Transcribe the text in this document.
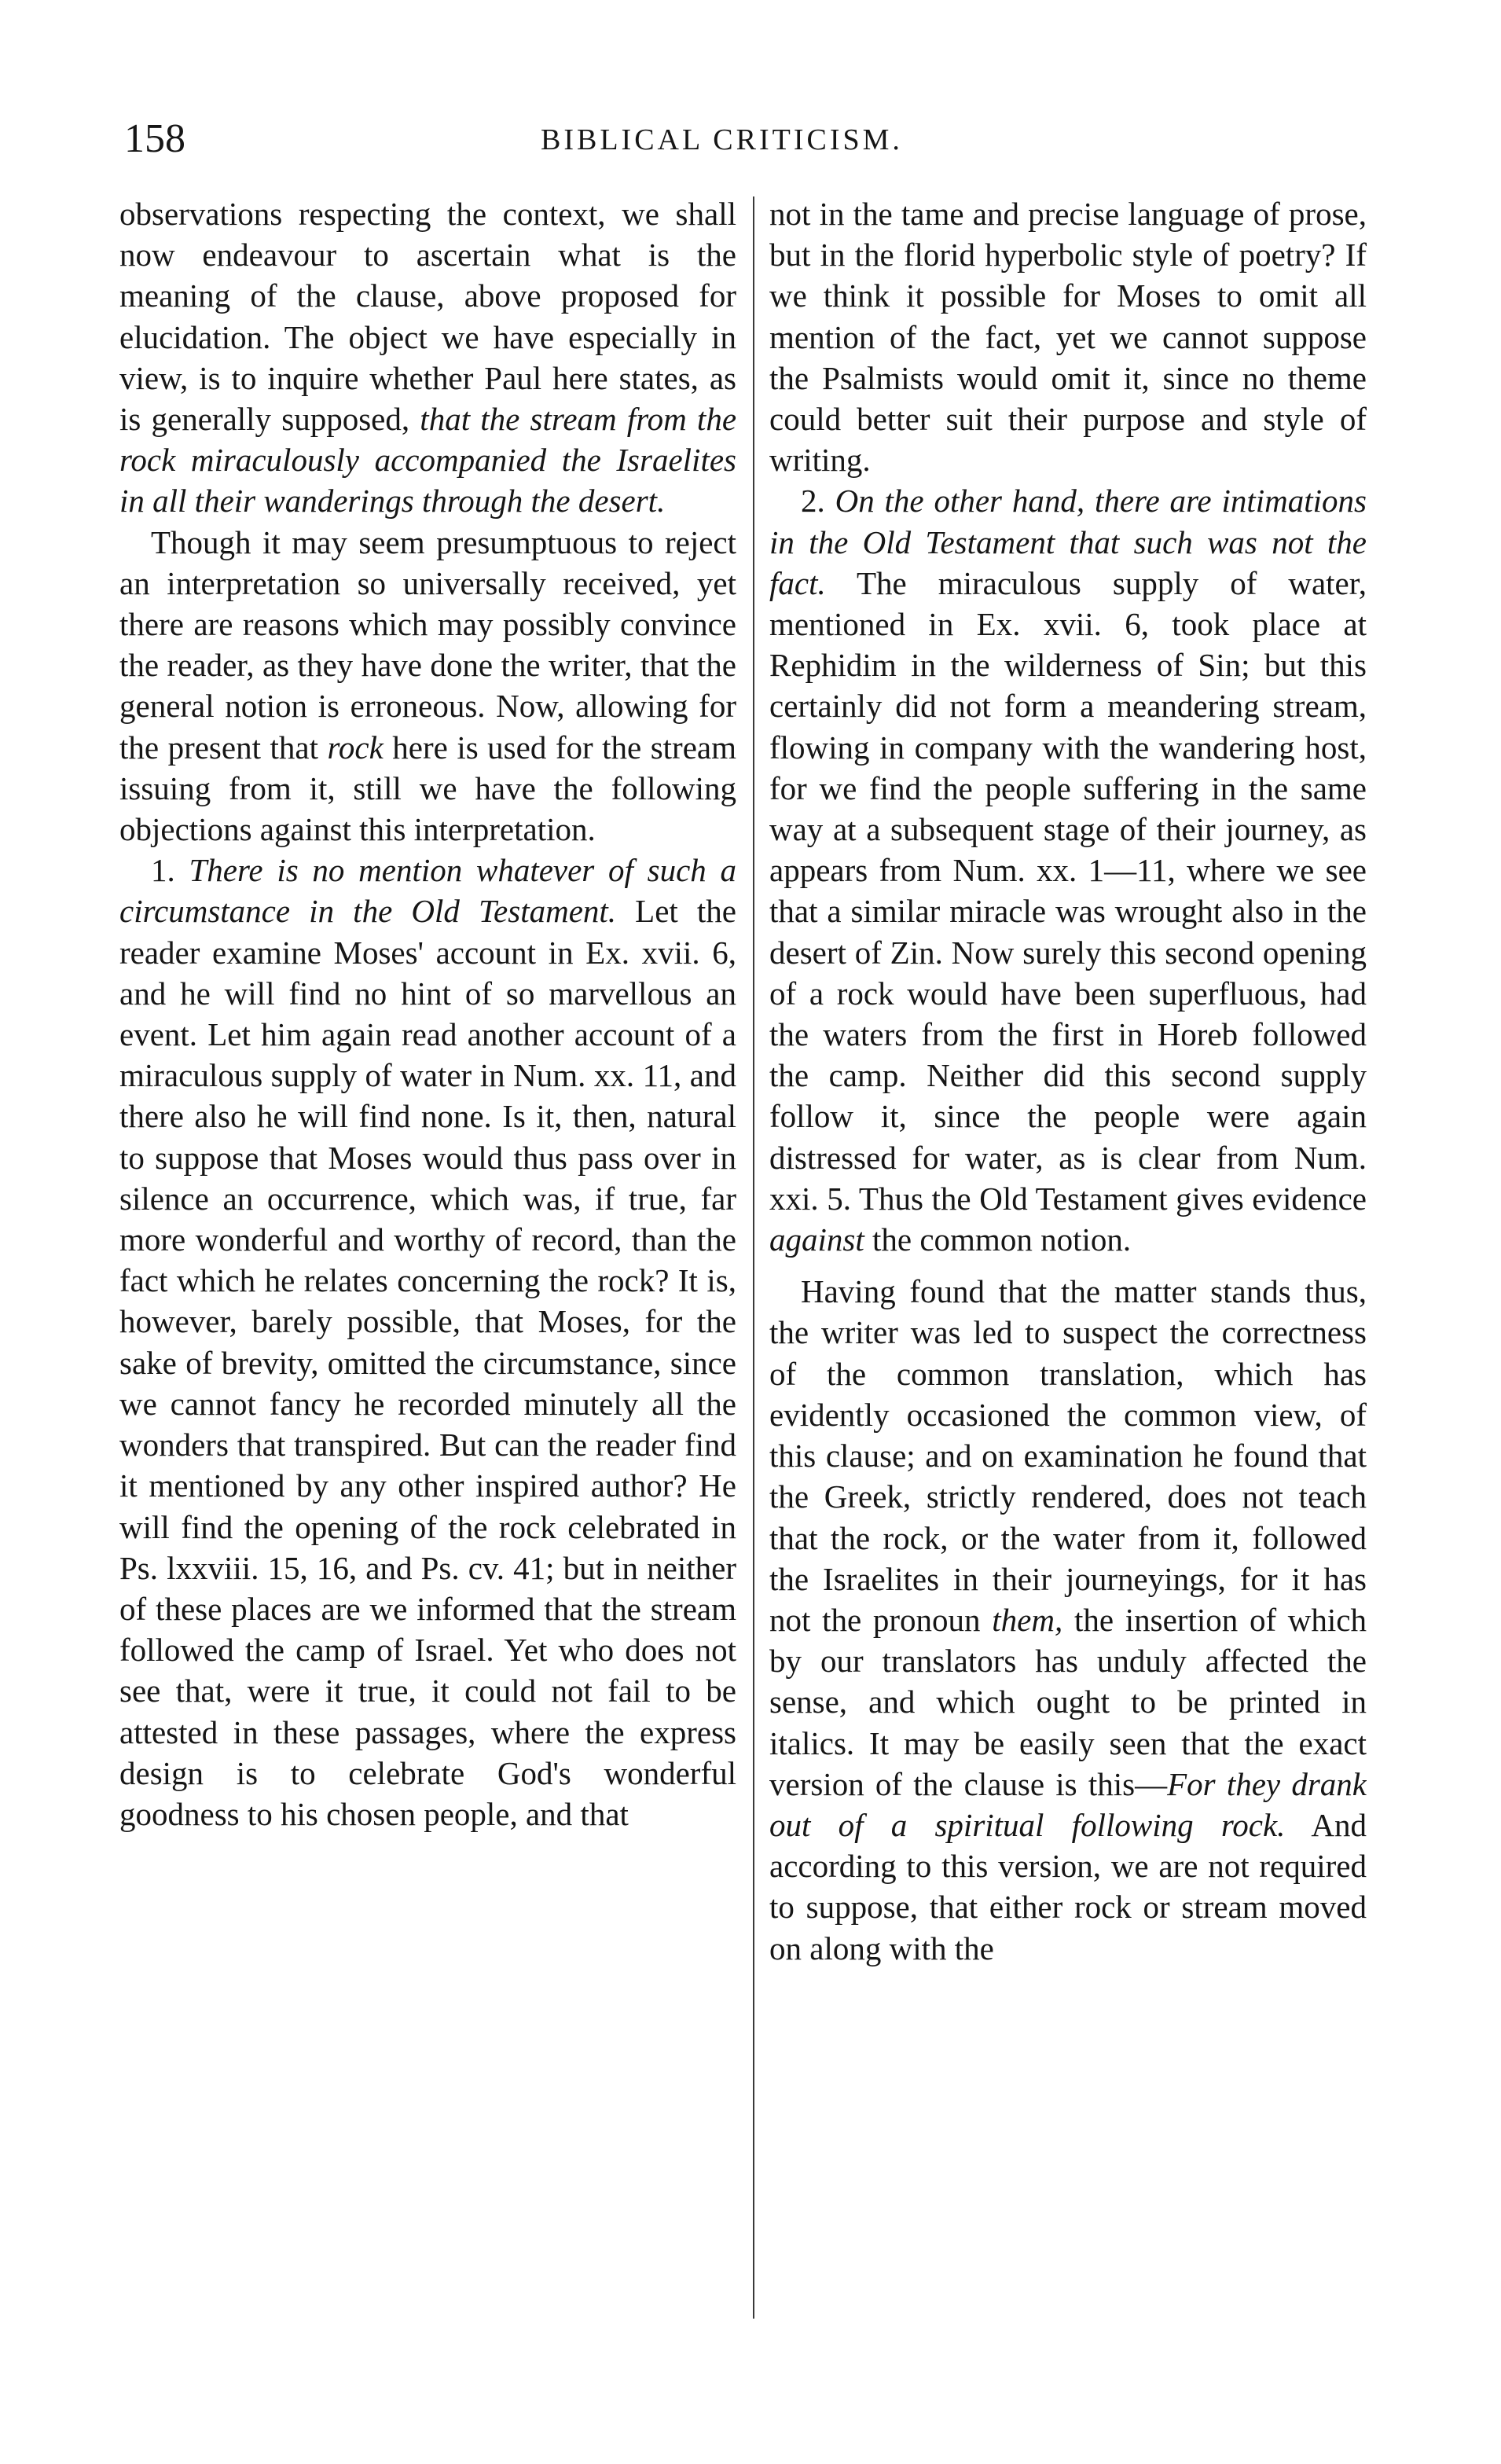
158	BIBLICAL CRITICISM.

observations respecting the context, we shall now endeavour to ascertain what is the meaning of the clause, above proposed for elucidation. The object we have especially in view, is to inquire whether Paul here states, as is generally supposed, that the stream from the rock miraculously accompanied the Israelites in all their wanderings through the desert.

Though it may seem presumptuous to reject an interpretation so universally received, yet there are reasons which may possibly convince the reader, as they have done the writer, that the general notion is erroneous. Now, allowing for the present that rock here is used for the stream issuing from it, still we have the following objections against this interpretation.

1. There is no mention whatever of such a circumstance in the Old Testament. Let the reader examine Moses' account in Ex. xvii. 6, and he will find no hint of so marvellous an event. Let him again read another account of a miraculous supply of water in Num. xx. 11, and there also he will find none. Is it, then, natural to suppose that Moses would thus pass over in silence an occurrence, which was, if true, far more wonderful and worthy of record, than the fact which he relates concerning the rock? It is, however, barely possible, that Moses, for the sake of brevity, omitted the circumstance, since we cannot fancy he recorded minutely all the wonders that transpired. But can the reader find it mentioned by any other inspired author? He will find the opening of the rock celebrated in Ps. lxxviii. 15, 16, and Ps. cv. 41; but in neither of these places are we informed that the stream followed the camp of Israel. Yet who does not see that, were it true, it could not fail to be attested in these passages, where the express design is to celebrate God's wonderful goodness to his chosen people, and that

not in the tame and precise language of prose, but in the florid hyperbolic style of poetry? If we think it possible for Moses to omit all mention of the fact, yet we cannot suppose the Psalmists would omit it, since no theme could better suit their purpose and style of writing.

2. On the other hand, there are intimations in the Old Testament that such was not the fact. The miraculous supply of water, mentioned in Ex. xvii. 6, took place at Rephidim in the wilderness of Sin; but this certainly did not form a meandering stream, flowing in company with the wandering host, for we find the people suffering in the same way at a subsequent stage of their journey, as appears from Num. xx. 1—11, where we see that a similar miracle was wrought also in the desert of Zin. Now surely this second opening of a rock would have been superfluous, had the waters from the first in Horeb followed the camp. Neither did this second supply follow it, since the people were again distressed for water, as is clear from Num. xxi. 5. Thus the Old Testament gives evidence against the common notion.

Having found that the matter stands thus, the writer was led to suspect the correctness of the common translation, which has evidently occasioned the common view, of this clause; and on examination he found that the Greek, strictly rendered, does not teach that the rock, or the water from it, followed the Israelites in their journeyings, for it has not the pronoun them, the insertion of which by our translators has unduly affected the sense, and which ought to be printed in italics. It may be easily seen that the exact version of the clause is this—For they drank out of a spiritual following rock. And according to this version, we are not required to suppose, that either rock or stream moved on along with the
